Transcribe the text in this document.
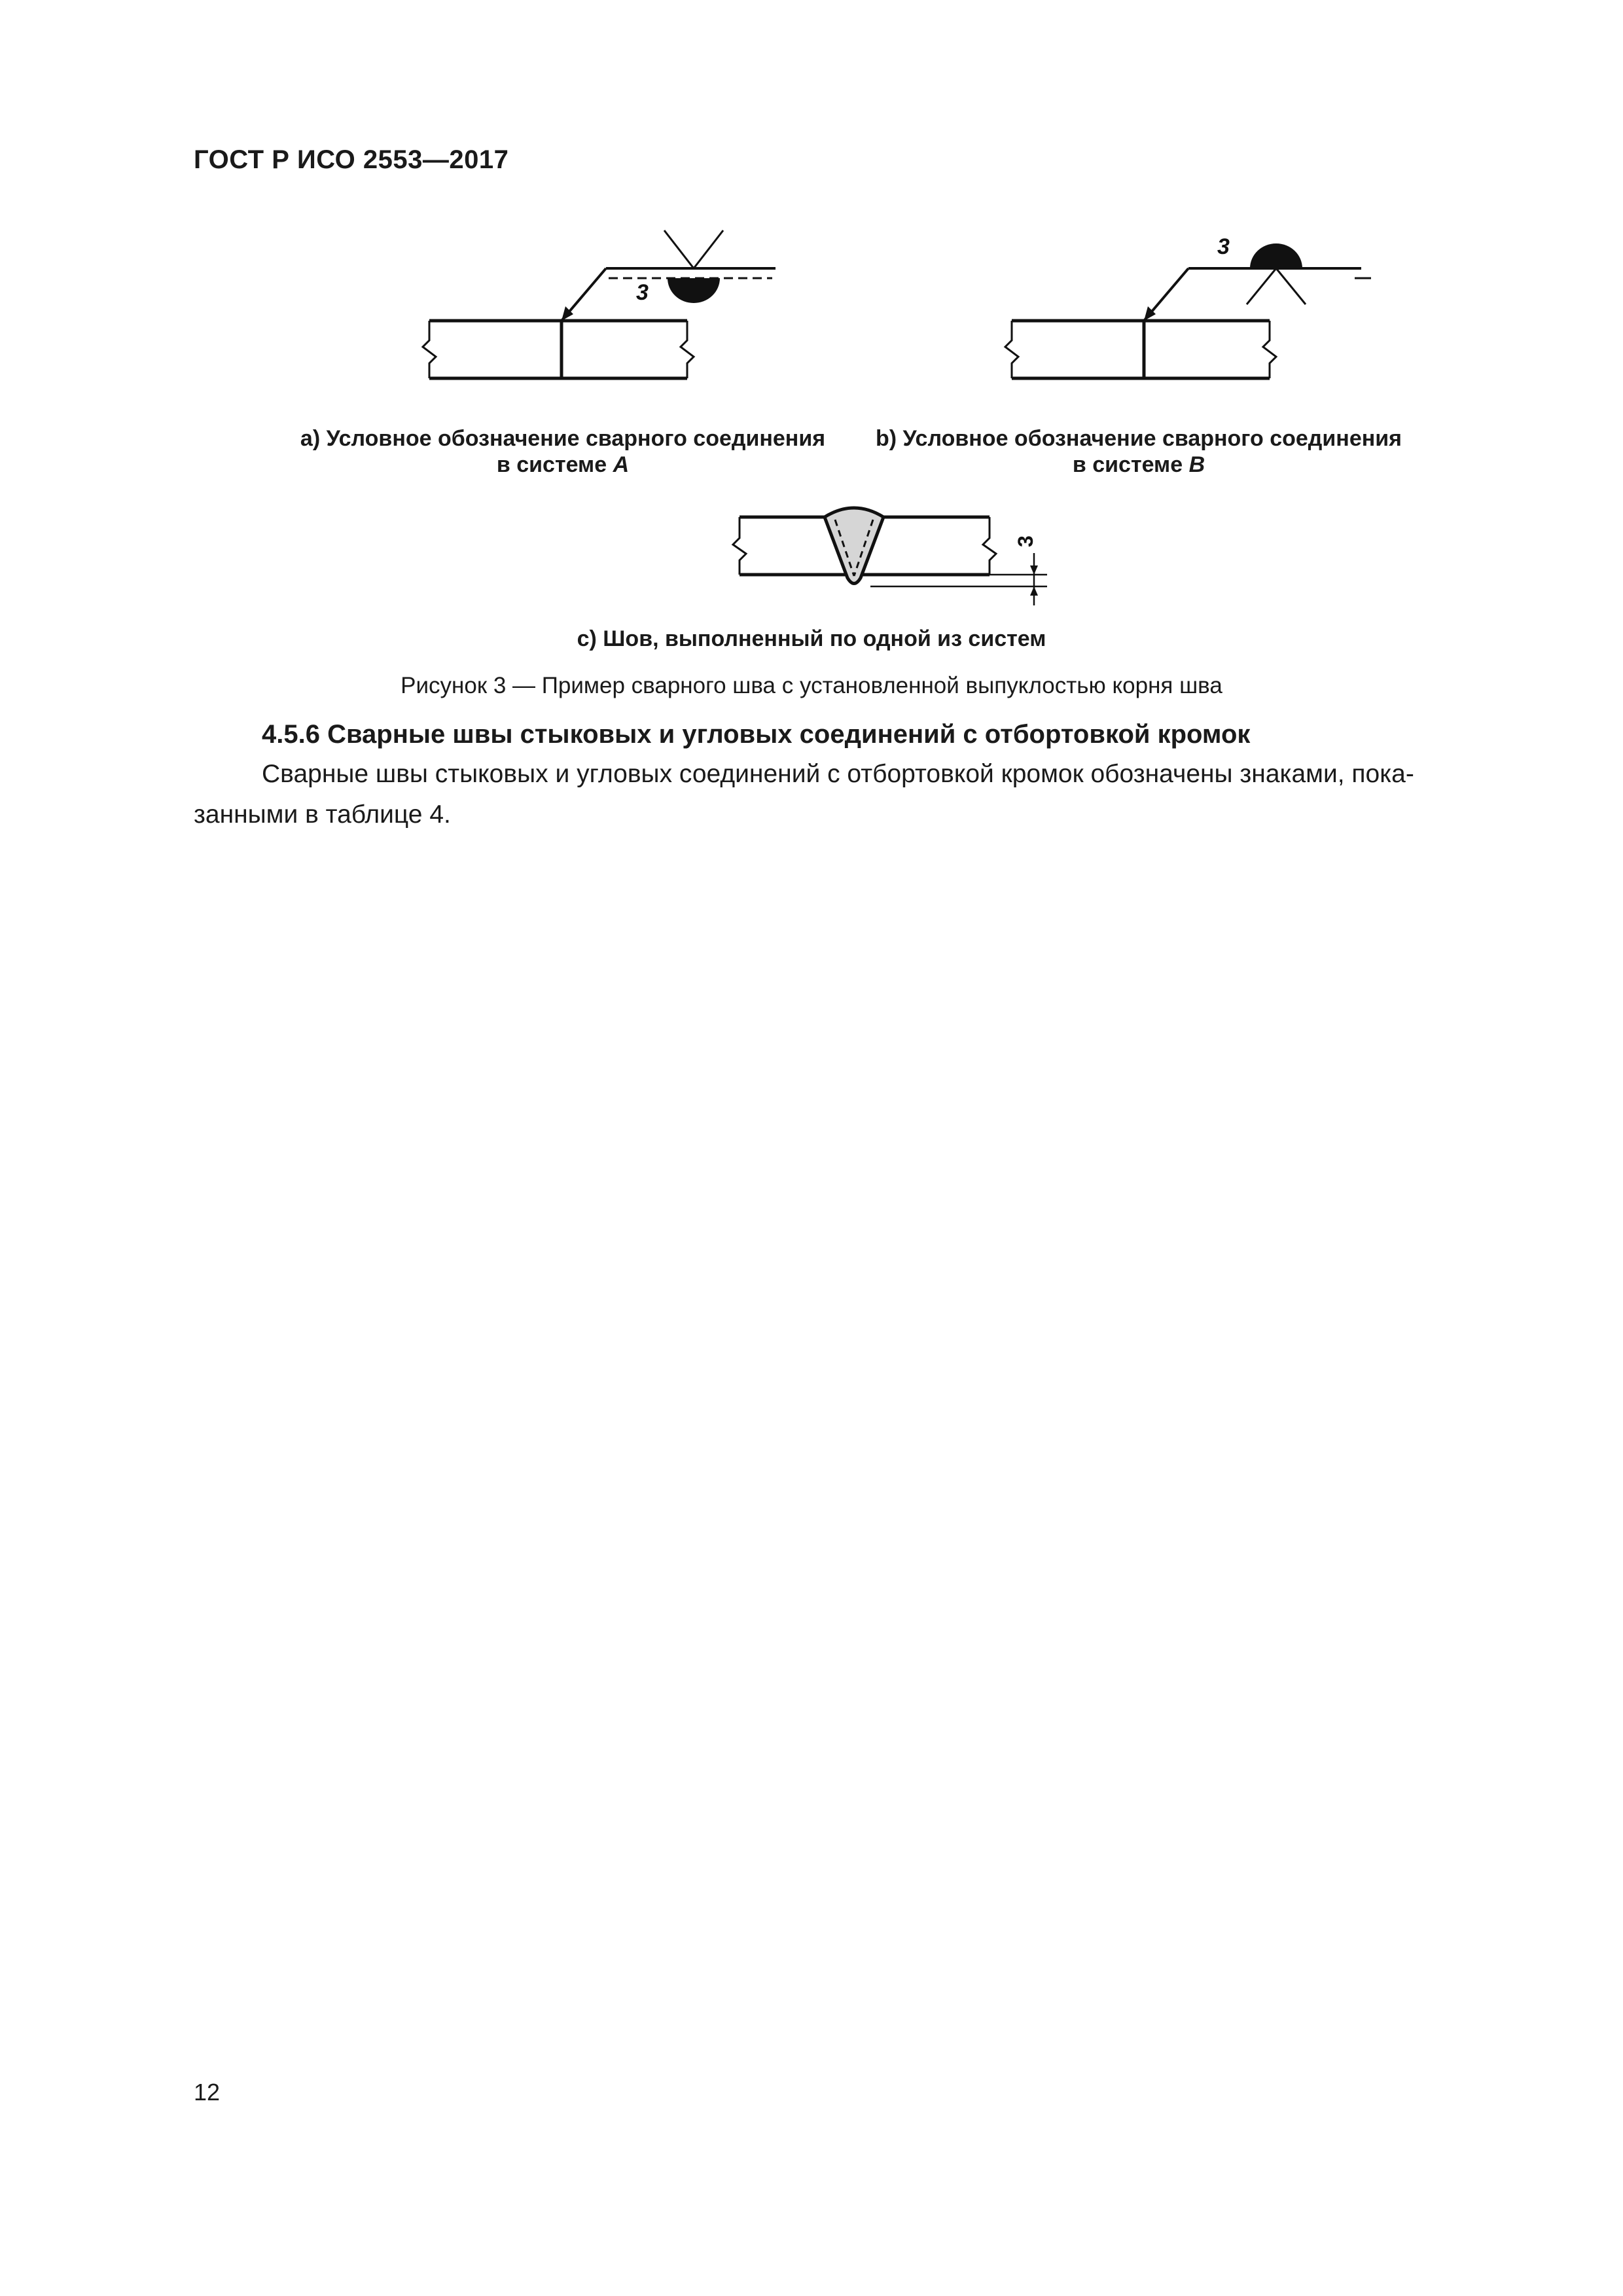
ГОСТ Р ИСО 2553—2017
3
3
a) Условное обозначение сварного соединения
в системе A
b) Условное обозначение сварного соединения
в системе B
3
с) Шов, выполненный по одной из систем
Рисунок 3 — Пример сварного шва с установленной выпуклостью корня шва
4.5.6 Сварные швы стыковых и угловых соединений с отбортовкой кромок
Сварные швы стыковых и угловых соединений с отбортовкой кромок обозначены знаками, пока-
занными в таблице 4.
12
